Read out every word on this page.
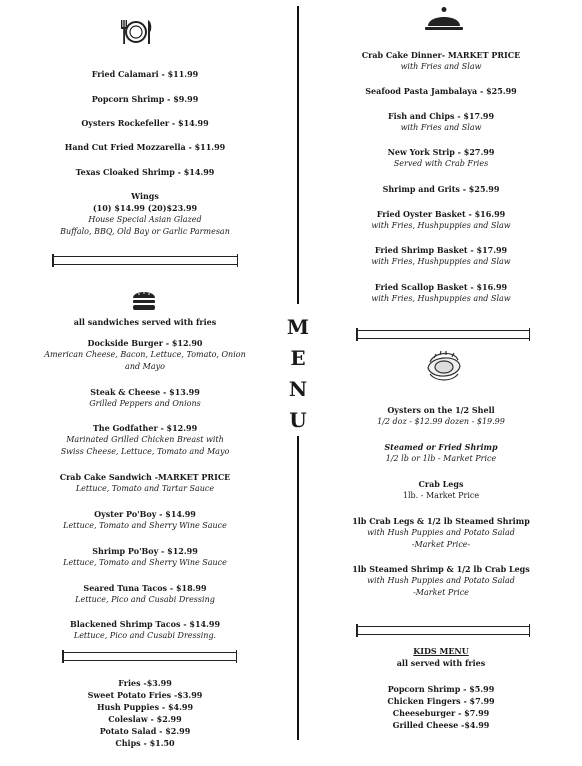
M
E
N
U
Fried Calamari - $11.99
Popcorn Shrimp - $9.99
Oysters Rockefeller - $14.99
Hand Cut Fried Mozzarella - $11.99
Texas Cloaked Shrimp - $14.99
Wings
(10) $14.99 (20)$23.99
House Special Asian Glazed
Buffalo, BBQ, Old Bay or Garlic Parmesan
all sandwiches served with fries
Dockside Burger - $12.90
American Cheese, Bacon, Lettuce, Tomato, Onion
and Mayo
Steak & Cheese - $13.99
Grilled Peppers and Onions
The Godfather - $12.99
Marinated Grilled Chicken Breast with
Swiss Cheese, Lettuce, Tomato and Mayo
Crab Cake Sandwich -MARKET PRICE
Lettuce, Tomato and Tartar Sauce
Oyster Po'Boy - $14.99
Lettuce, Tomato and Sherry Wine Sauce
Shrimp Po'Boy - $12.99
Lettuce, Tomato and Sherry Wine Sauce
Seared Tuna Tacos - $18.99
Lettuce, Pico and Cusabi Dressing
Blackened Shrimp Tacos - $14.99
Lettuce, Pico and Cusabi Dressing.
Fries -$3.99
Sweet Potato Fries -$3.99
Hush Puppies - $4.99
Coleslaw - $2.99
Potato Salad - $2.99
Chips - $1.50
Crab Cake Dinner- MARKET PRICE
with Fries and Slaw
Seafood Pasta Jambalaya - $25.99
Fish and Chips - $17.99
with Fries and Slaw
New York Strip - $27.99
Served with Crab Fries
Shrimp and Grits - $25.99
Fried Oyster Basket - $16.99
with Fries, Hushpuppies and Slaw
Fried Shrimp Basket - $17.99
with Fries, Hushpuppies and Slaw
Fried Scallop Basket - $16.99
with Fries, Hushpuppies and Slaw
Oysters on the 1/2 Shell
1/2 doz - $12.99 dozen - $19.99
Steamed or Fried Shrimp
1/2 lb or 1lb - Market Price
Crab Legs
1lb. - Market Price
1lb Crab Legs & 1/2 lb Steamed Shrimp
with Hush Puppies and Potato Salad
-Market Price-
1lb Steamed Shrimp & 1/2 lb Crab Legs
with Hush Puppies and Potato Salad
-Market Price
KIDS MENU
all served with fries
Popcorn Shrimp - $5.99
Chicken Fingers - $7.99
Cheeseburger - $7.99
Grilled Cheese -$4.99
